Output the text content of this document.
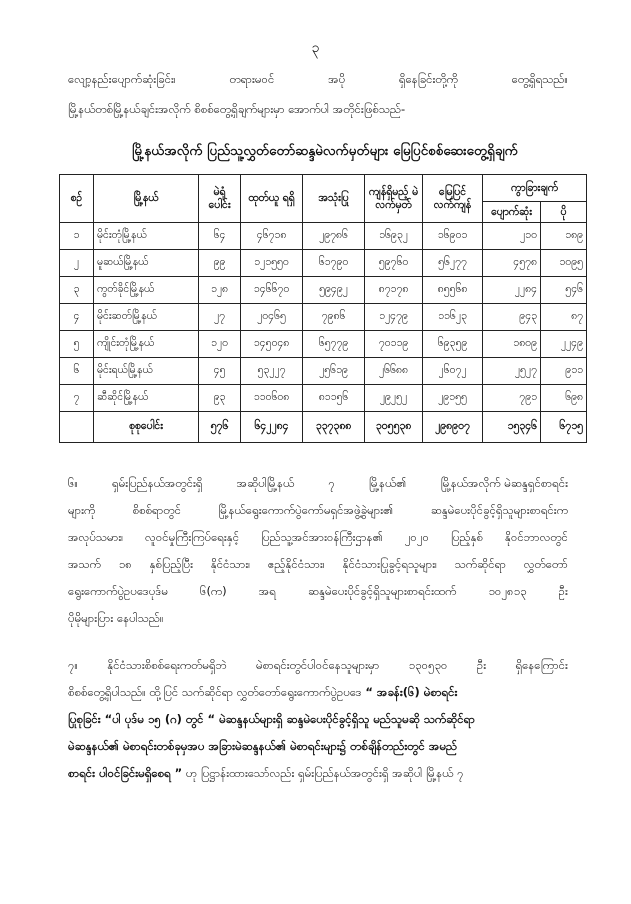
၃
လျော့နည်းပျောက်ဆုံးခြင်း၊	တရားမဝင်	အပို	ရှိနေခြင်းတို့ကို	တွေ့ရှိရသည်။
မြို့နယ်တစ်မြို့နယ်ချင်းအလိုက် စိစစ်တွေ့ရှိချက်များမှာ အောက်ပါ အတိုင်းဖြစ်သည်-
မြို့နယ်အလိုက် ပြည်သူ့လွှတ်တော်ဆန္ဒမဲလက်မှတ်များ မြေပြင်စစ်ဆေးတွေ့ရှိချက်
စဉ်	မြို့နယ်	မဲရုံ ပေါင်း	ထုတ်ယူ ရရှိ	အသုံးပြု	ကျန်ရှိမည့် မဲလက်မှတ်	မြေပြင် လက်ကျန်	ကွာခြားချက်	
							ပျောက်ဆုံး	ပို
၁	မိုင်းတုံမြို့နယ်	၆၄	၄၆၇၁၈	၂၉၇၈၆	၁၆၉၃၂	၁၆၉၀၁	၂၁၀	၁၈၉
၂	မူဆယ်မြို့နယ်	၉၉	၁၂၁၅၅၀	၆၁၇၉၀	၅၉၇၆၀	၅၆၂၇၇	၄၅၇၈	၁၀၉၅
၃	ကွတ်ခိုင်မြို့နယ်	၁၂၈	၁၄၆၆၇၀	၅၉၄၉၂	၈၇၁၇၈	၈၅၅၆၈	၂၂၈၄	၅၄၆
၄	မိုင်းဆတ်မြို့နယ်	၂၇	၂၀၄၆၅	၇၉၈၆	၁၂၄၇၉	၁၁၆၂၃	၉၄၃	၈၇
၅	ကျိုင်းတုံမြို့နယ်	၁၂၀	၁၄၅၀၄၈	၆၅၇၇၉	၇၀၁၁၉	၆၉၃၅၉	၁၈၀၉	၂၂၄၉
၆	မိုင်းရယ်မြို့နယ်	၄၅	၅၃၂၂၇	၂၅၆၁၉	၂၆၆၈၈	၂၆၀၇၂	၂၅၂၇	၉၁၁
၇	ဆီဆိုင်မြို့နယ်	၉၃	၁၁၀၆၀၈	၈၁၁၅၆	၂၉၂၅၂	၂၉၁၅၅	၇၉၁	၆၉၈
	စုစုပေါင်း	၅၇၆	၆၄၂၂၈၄	၃၃၇၃၈၈	၃၀၅၅၃၈	၂၉၈၉၀၇	၁၅၃၄၆	၆၇၁၅
၆။	ရှမ်းပြည်နယ်အတွင်းရှိ	အဆိုပါမြို့နယ်	၇	မြို့နယ်၏	မြို့နယ်အလိုက် မဲဆန္ဒရှင်စာရင်း
များကို	စိစစ်ရာတွင်	မြို့နယ်ရွေးကောက်ပွဲကော်မရှင်အဖွဲ့ခွဲများ၏	ဆန္ဒမဲပေးပိုင်ခွင့်ရှိသူများစာရင်းက
အလုပ်သမား၊ လူဝင်မှုကြီးကြပ်ရေးနှင့် ပြည်သူ့အင်အားဝန်ကြီးဌာန၏ ၂၀၂၀ ပြည့်နှစ် နိုဝင်ဘာလတွင်
အသက် ၁၈ နှစ်ပြည့်ပြီး နိုင်ငံသား၊ ဧည့်နိုင်ငံသား၊ နိုင်ငံသားပြုခွင့်ရသူများ၊ သက်ဆိုင်ရာ လွှတ်တော်
ရွေးကောက်ပွဲဥပဒေပုဒ်မ	၆(က)	အရ	ဆန္ဒမဲပေးပိုင်ခွင့်ရှိသူများစာရင်းထက်	၁၀၂၈၁၃	ဦး
ပိုမိုများပြား နေပါသည်။
၇။	နိုင်ငံသားစိစစ်ရေးကတ်မရှိဘဲ	မဲစာရင်းတွင်ပါဝင်နေသူများမှာ	၁၃၀၅၃၀	ဦး	ရှိနေကြောင်း
စိစစ်တွေ့ရှိပါသည်။ ထို့ပြင် သက်ဆိုင်ရာ လွှတ်တော်ရွေးကောက်ပွဲဥပဒေ “ အခန်း(၆) မဲစာရင်း
ပြုစုခြင်း “ပါ ပုဒ်မ ၁၅ (ဂ) တွင် “ မဲဆန္ဒနယ်များရှိ ဆန္ဒမဲပေးပိုင်ခွင့်ရှိသူ မည်သူမဆို သက်ဆိုင်ရာ
မဲဆန္ဒနယ်၏ မဲစာရင်းတစ်ခုမှအပ အခြားမဲဆန္ဒနယ်၏ မဲစာရင်းများ၌ တစ်ချိန်တည်းတွင် အမည်
စာရင်း ပါဝင်ခြင်းမရှိစေရ ” ဟု ပြဋ္ဌာန်းထားသော်လည်း ရှမ်းပြည်နယ်အတွင်းရှိ အဆိုပါ မြို့နယ် ၇
